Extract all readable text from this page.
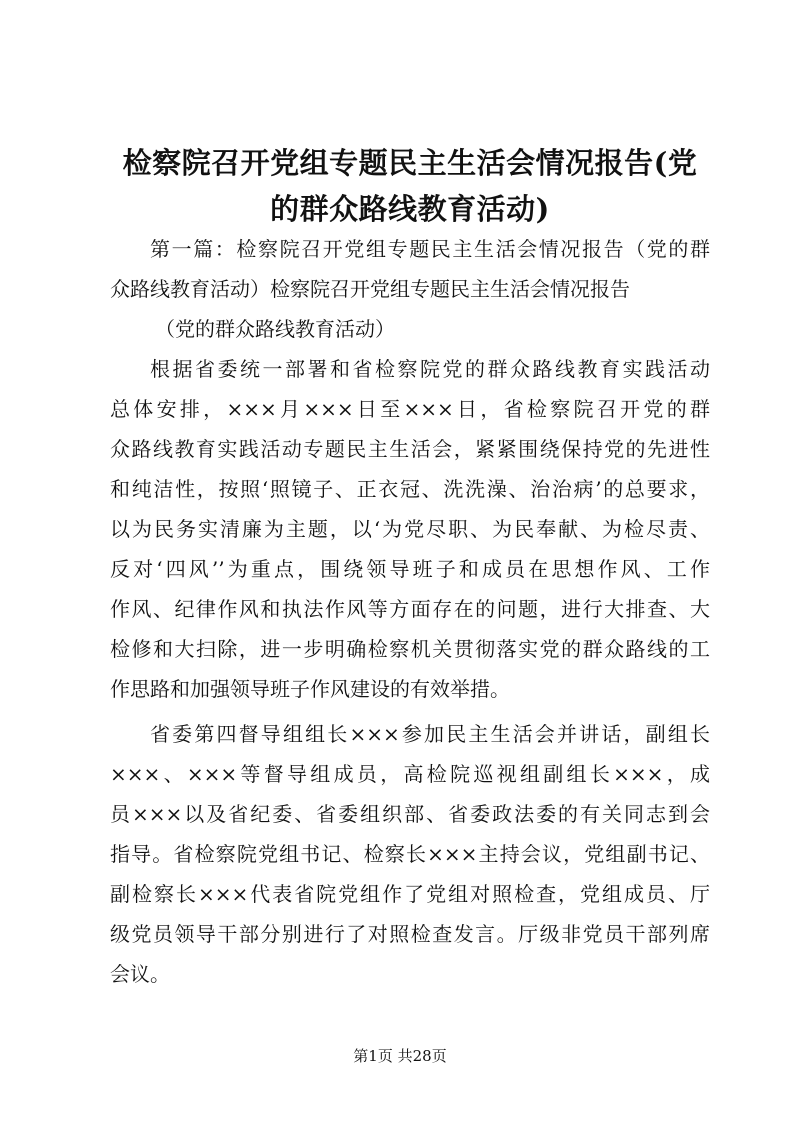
检察院召开党组专题民主生活会情况报告(党
的群众路线教育活动)
第一篇：检察院召开党组专题民主生活会情况报告（党的群
众路线教育活动）检察院召开党组专题民主生活会情况报告
（党的群众路线教育活动）
根据省委统一部署和省检察院党的群众路线教育实践活动
总体安排，×××月×××日至×××日，省检察院召开党的群
众路线教育实践活动专题民主生活会，紧紧围绕保持党的先进性
和纯洁性，按照‘照镜子、正衣冠、洗洗澡、治治病’的总要求，
以为民务实清廉为主题，以‘为党尽职、为民奉献、为检尽责、
反对‘四风’’为重点，围绕领导班子和成员在思想作风、工作
作风、纪律作风和执法作风等方面存在的问题，进行大排查、大
检修和大扫除，进一步明确检察机关贯彻落实党的群众路线的工
作思路和加强领导班子作风建设的有效举措。
省委第四督导组组长×××参加民主生活会并讲话，副组长
×××、×××等督导组成员，高检院巡视组副组长×××，成
员×××以及省纪委、省委组织部、省委政法委的有关同志到会
指导。省检察院党组书记、检察长×××主持会议，党组副书记、
副检察长×××代表省院党组作了党组对照检查，党组成员、厅
级党员领导干部分别进行了对照检查发言。厅级非党员干部列席
会议。
第1页 共28页
